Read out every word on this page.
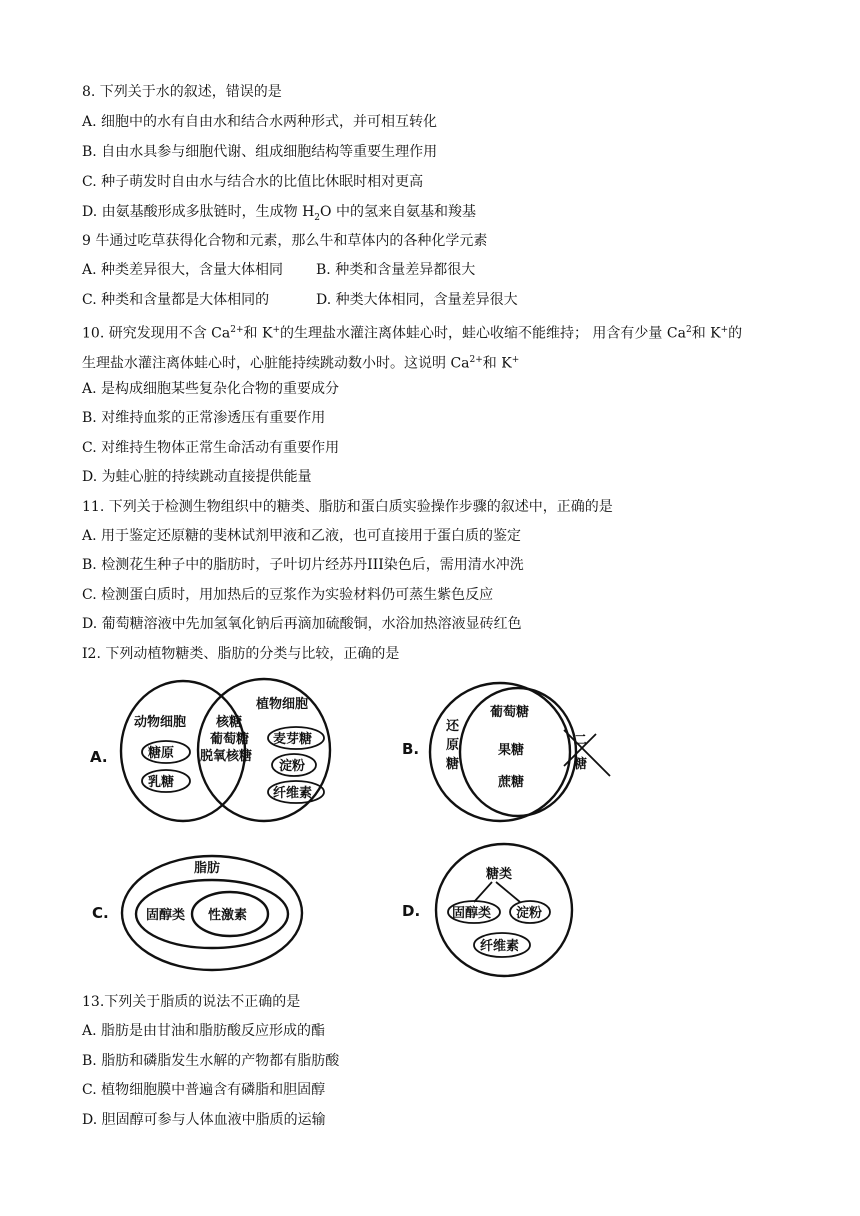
8. 下列关于水的叙述，错误的是
A. 细胞中的水有自由水和结合水两种形式，并可相互转化
B. 自由水具参与细胞代谢、组成细胞结构等重要生理作用
C. 种子萌发时自由水与结合水的比值比休眠时相对更高
D. 由氨基酸形成多肽链时，生成物 $H_2O$ 中的氢来自氨基和羧基
9 牛通过吃草获得化合物和元素，那么牛和草体内的各种化学元素
A. 种类差异很大，含量大体相同 B. 种类和含量差异都很大
C. 种类和含量都是大体相同的	D. 种类大体相同，含量差异很大
10. 研究发现用不含 $Ca^{2+}$和 K+的生理盐水灌注离体蛙心时，蛙心收缩不能维持； 用含有少量 Ca$^2$和 K+的
生理盐水灌注离体蛙心时，心脏能持续跳动数小时。这说明 $Ca^{2+}$和 K+
A. 是构成细胞某些复杂化合物的重要成分
B. 对维持血浆的正常渗透压有重要作用
C. 对维持生物体正常生命活动有重要作用
D. 为蛙心脏的持续跳动直接提供能量
11. 下列关于检测生物组织中的糖类、脂肪和蛋白质实验操作步骤的叙述中，正确的是
A. 用于鉴定还原糖的斐林试剂甲液和乙液，也可直接用于蛋白质的鉴定
B. 检测花生种子中的脂肪时，子叶切片经苏丹III染色后，需用清水冲洗
C. 检测蛋白质时，用加热后的豆浆作为实验材料仍可蒸生紫色反应
D. 葡萄糖溶液中先加氢氧化钠后再滴加硫酸铜，水浴加热溶液显砖红色
I2. 下列动植物糖类、脂肪的分类与比较，正确的是
A.
动物细胞
植物细胞
糖原
乳糖
核糖
葡萄糖
脱氧核糖
麦芽糖
淀粉
纤维素
B.
还
原
糖
葡萄糖
果糖
蔗糖
二
糖
C.
脂肪
固醇类 性激素	D.
糖类
固醇类 淀粉
纤维素
13.下列关于脂质的说法不正确的是
A. 脂肪是由甘油和脂肪酸反应形成的酯
B. 脂肪和磷脂发生水解的产物都有脂肪酸
C. 植物细胞膜中普遍含有磷脂和胆固醇
D. 胆固醇可参与人体血液中脂质的运输
